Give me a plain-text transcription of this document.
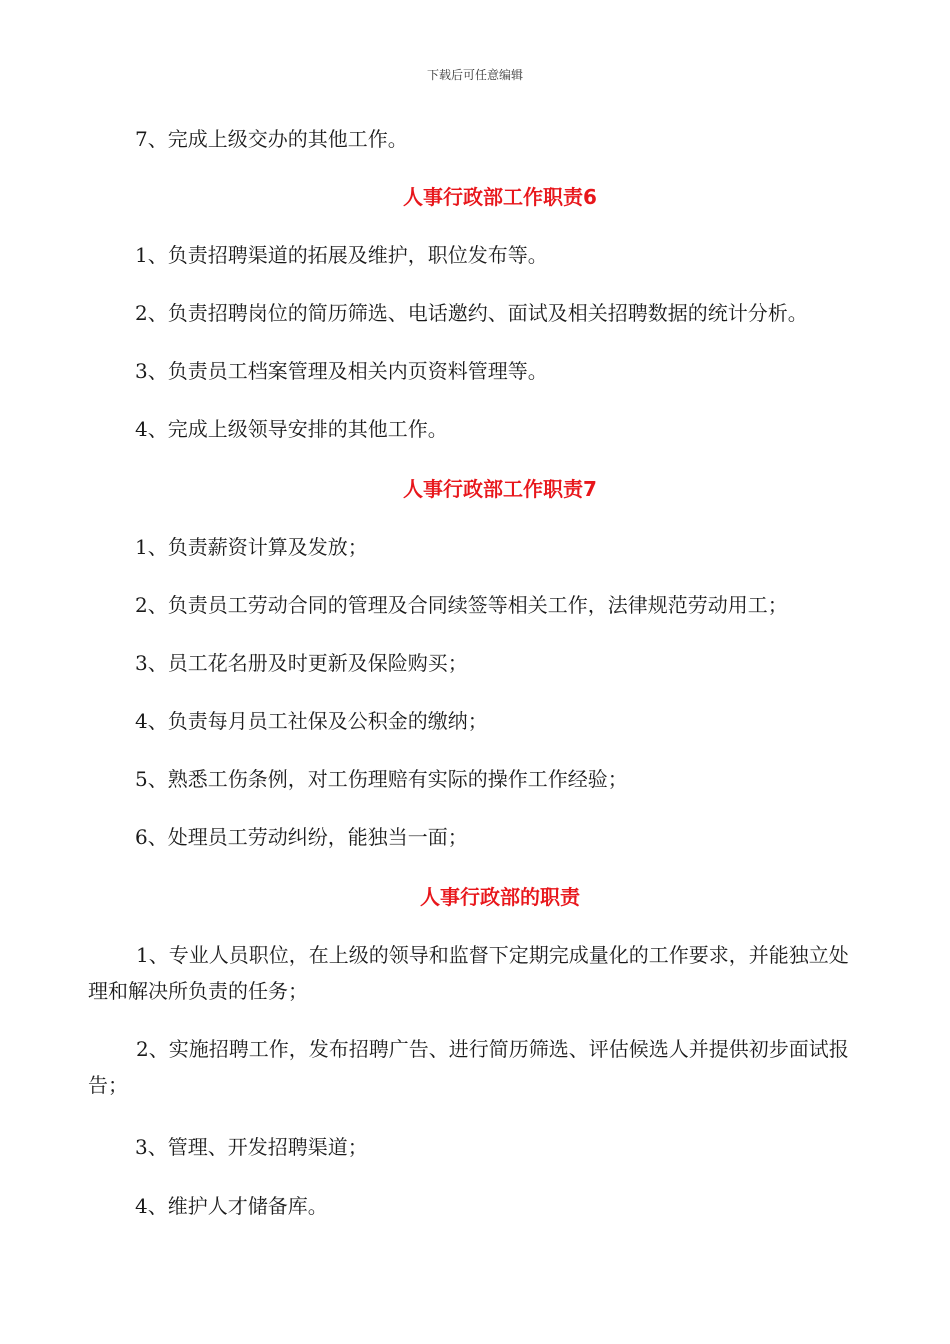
下载后可任意编辑
7、完成上级交办的其他工作。
人事行政部工作职责6
1、负责招聘渠道的拓展及维护，职位发布等。
2、负责招聘岗位的简历筛选、电话邀约、面试及相关招聘数据的统计分析。
3、负责员工档案管理及相关内页资料管理等。
4、完成上级领导安排的其他工作。
人事行政部工作职责7
1、负责薪资计算及发放；
2、负责员工劳动合同的管理及合同续签等相关工作，法律规范劳动用工；
3、员工花名册及时更新及保险购买；
4、负责每月员工社保及公积金的缴纳；
5、熟悉工伤条例，对工伤理赔有实际的操作工作经验；
6、处理员工劳动纠纷，能独当一面；
人事行政部的职责
1、专业人员职位，在上级的领导和监督下定期完成量化的工作要求，并能独立处理和解决所负责的任务；
2、实施招聘工作，发布招聘广告、进行简历筛选、评估候选人并提供初步面试报告；
3、管理、开发招聘渠道；
4、维护人才储备库。
